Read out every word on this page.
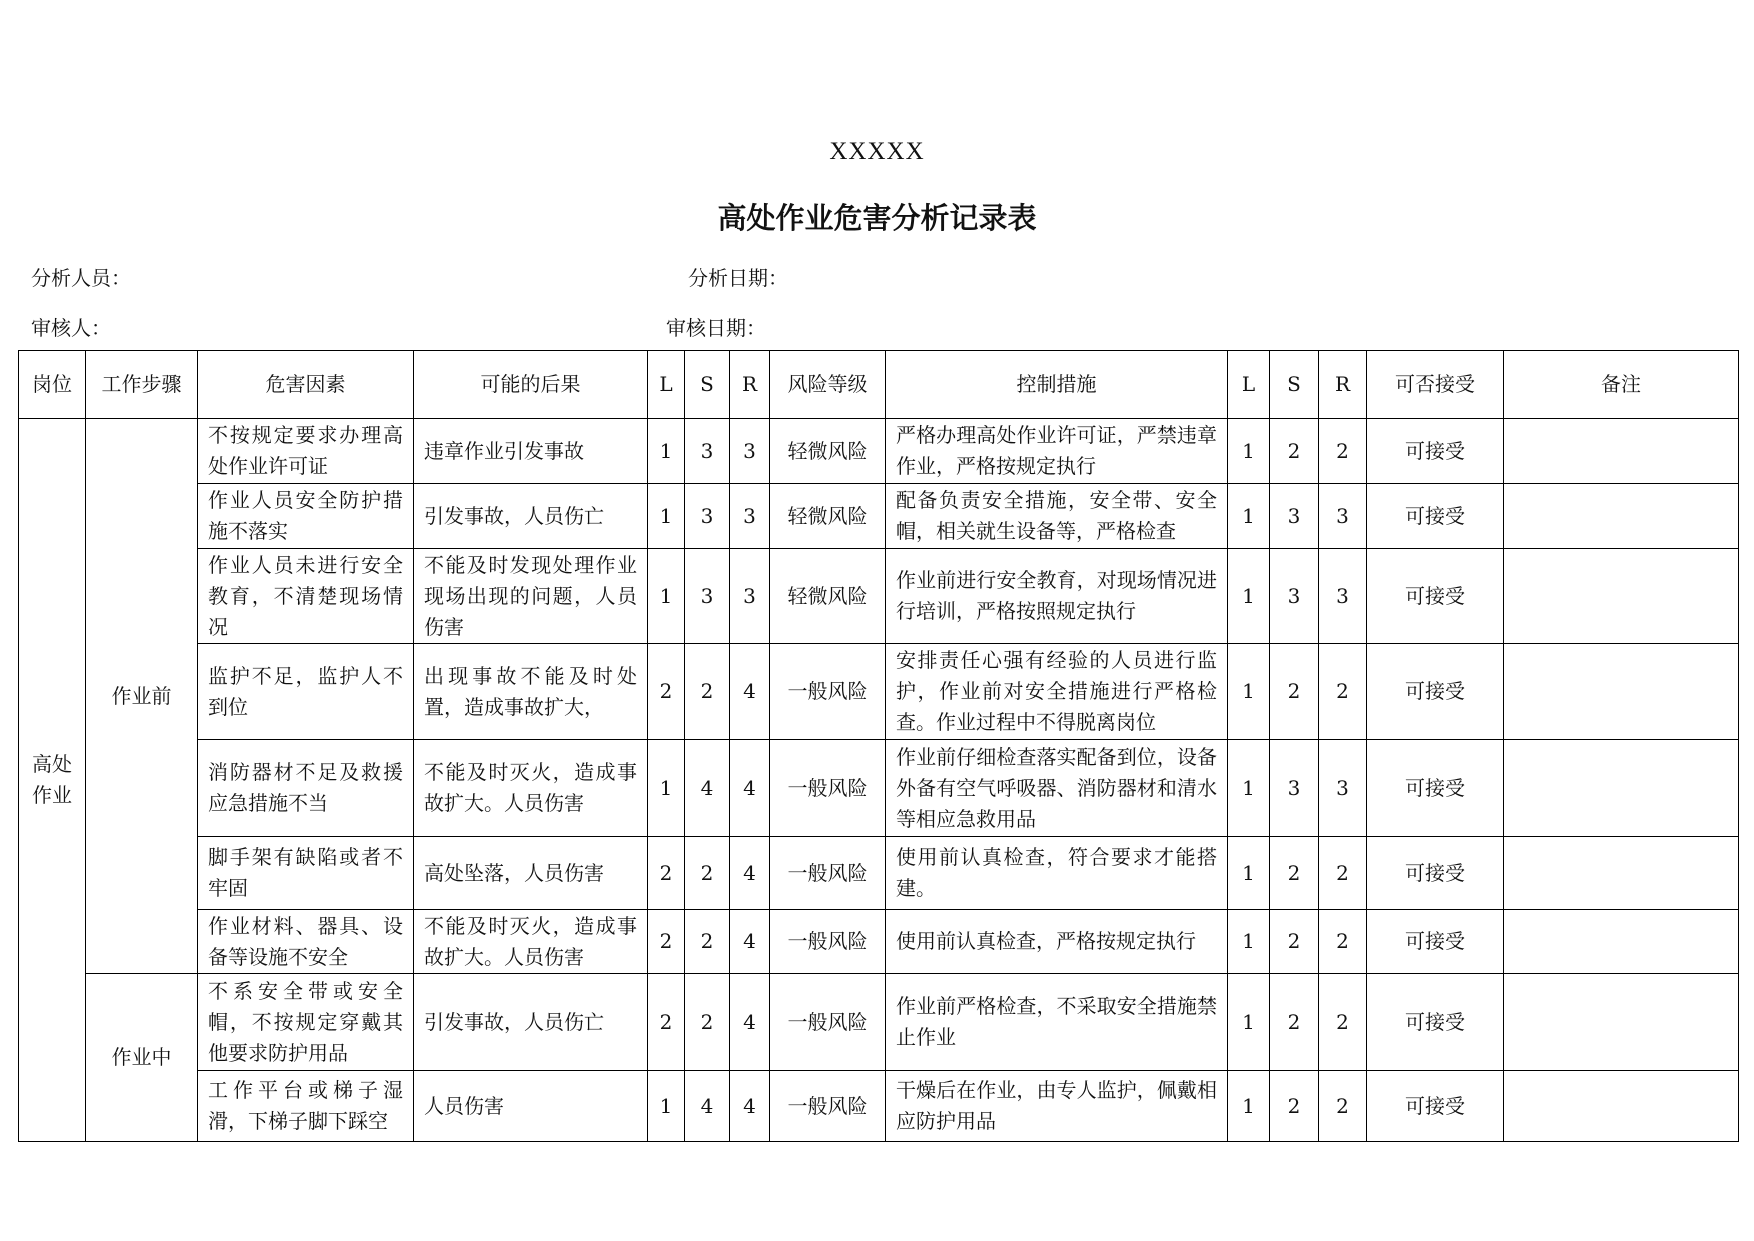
XXXXX
高处作业危害分析记录表
分析人员：	分析日期：
审核人：	审核日期：
岗位	工作步骤	危害因素	可能的后果	L	S	R	风险等级	控制措施	L	S	R	可否接受	备注
高处作业	作业前	不按规定要求办理高处作业许可证	违章作业引发事故	1	3	3	轻微风险	严格办理高处作业许可证，严禁违章作业，严格按规定执行	1	2	2	可接受	
		作业人员安全防护措施不落实	引发事故，人员伤亡	1	3	3	轻微风险	配备负责安全措施，安全带、安全帽，相关就生设备等，严格检查	1	3	3	可接受	
		作业人员未进行安全教育，不清楚现场情况	不能及时发现处理作业现场出现的问题，人员伤害	1	3	3	轻微风险	作业前进行安全教育，对现场情况进行培训，严格按照规定执行	1	3	3	可接受	
		监护不足，监护人不到位	出现事故不能及时处置，造成事故扩大，	2	2	4	一般风险	安排责任心强有经验的人员进行监护，作业前对安全措施进行严格检查。作业过程中不得脱离岗位	1	2	2	可接受	
		消防器材不足及救援应急措施不当	不能及时灭火，造成事故扩大。人员伤害	1	4	4	一般风险	作业前仔细检查落实配备到位，设备外备有空气呼吸器、消防器材和清水等相应急救用品	1	3	3	可接受	
		脚手架有缺陷或者不牢固	高处坠落，人员伤害	2	2	4	一般风险	使用前认真检查，符合要求才能搭建。	1	2	2	可接受	
		作业材料、器具、设备等设施不安全	不能及时灭火，造成事故扩大。人员伤害	2	2	4	一般风险	使用前认真检查，严格按规定执行	1	2	2	可接受	
	作业中	不系安全带或安全帽，不按规定穿戴其他要求防护用品	引发事故，人员伤亡	2	2	4	一般风险	作业前严格检查，不采取安全措施禁止作业	1	2	2	可接受	
		工作平台或梯子湿滑，下梯子脚下踩空	人员伤害	1	4	4	一般风险	干燥后在作业，由专人监护，佩戴相应防护用品	1	2	2	可接受	
